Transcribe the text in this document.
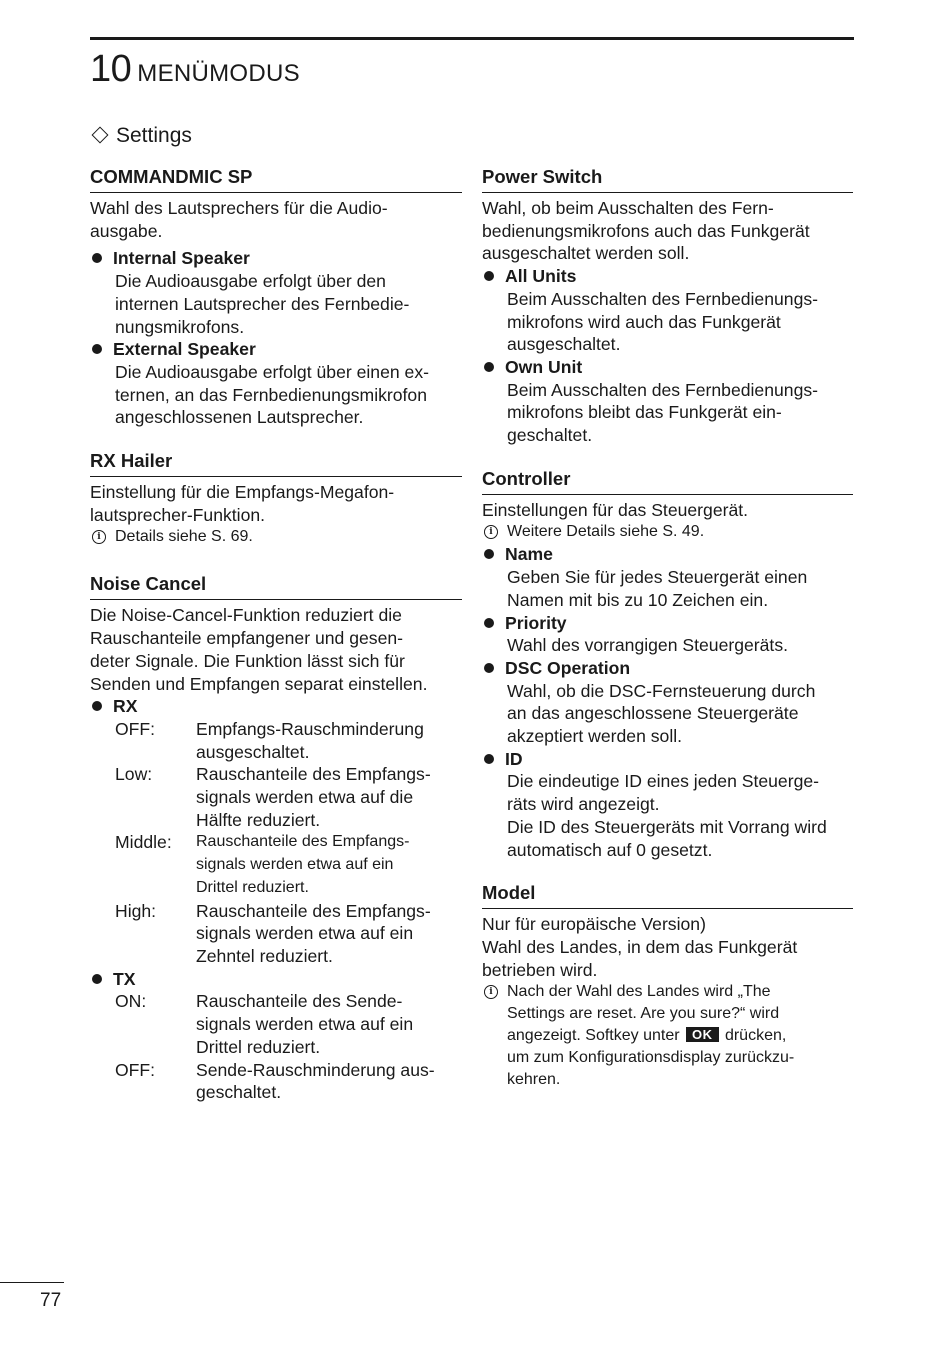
10 MENÜMODUS
Settings
COMMANDMIC SP

Wahl des Lautsprechers für die Audio-
ausgabe.

Internal Speaker

Die Audioausgabe erfolgt über den
internen Lautsprecher des Fernbedie-
nungsmikrofons.

External Speaker

Die Audioausgabe erfolgt über einen ex-
ternen, an das Fernbedienungsmikrofon
angeschlossenen Lautsprecher.

RX Hailer

Einstellung für die Empfangs-Megafon-
lautsprecher-Funktion.

i Details siehe S. 69.

Noise Cancel

Die Noise-Cancel-Funktion reduziert die
Rauschanteile empfangener und gesen-
deter Signale. Die Funktion lässt sich für
Senden und Empfangen separat einstellen.

RX

OFF:	Empfangs-Rauschminderung
ausgeschaltet.
Low:	Rauschanteile des Empfangs-
signals werden etwa auf die
Hälfte reduziert.
Middle:	Rauschanteile des Empfangs-
signals werden etwa auf ein
Drittel reduziert.
High:	Rauschanteile des Empfangs-
signals werden etwa auf ein
Zehntel reduziert.

TX

ON:	Rauschanteile des Sende-
signals werden etwa auf ein
Drittel reduziert.
OFF:	Sende-Rauschminderung aus-
geschaltet.
Power Switch

Wahl, ob beim Ausschalten des Fern-
bedienungsmikrofons auch das Funkgerät
ausgeschaltet werden soll.

All Units

Beim Ausschalten des Fernbedienungs-
mikrofons wird auch das Funkgerät
ausgeschaltet.

Own Unit

Beim Ausschalten des Fernbedienungs-
mikrofons bleibt das Funkgerät ein-
geschaltet.

Controller

Einstellungen für das Steuergerät.

i Weitere Details siehe S. 49.

Name

Geben Sie für jedes Steuergerät einen
Namen mit bis zu 10 Zeichen ein.

Priority

Wahl des vorrangigen Steuergeräts.

DSC Operation

Wahl, ob die DSC-Fernsteuerung durch
an das angeschlossene Steuergeräte
akzeptiert werden soll.

ID

Die eindeutige ID eines jeden Steuerge-
räts wird angezeigt.
Die ID des Steuergeräts mit Vorrang wird
automatisch auf 0 gesetzt.

Model

Nur für europäische Version)
Wahl des Landes, in dem das Funkgerät
betrieben wird.

i Nach der Wahl des Landes wird „The
Settings are reset. Are you sure?“ wird
angezeigt. Softkey unter OK drücken,
um zum Konfigurationsdisplay zurückzu-
kehren.

77
